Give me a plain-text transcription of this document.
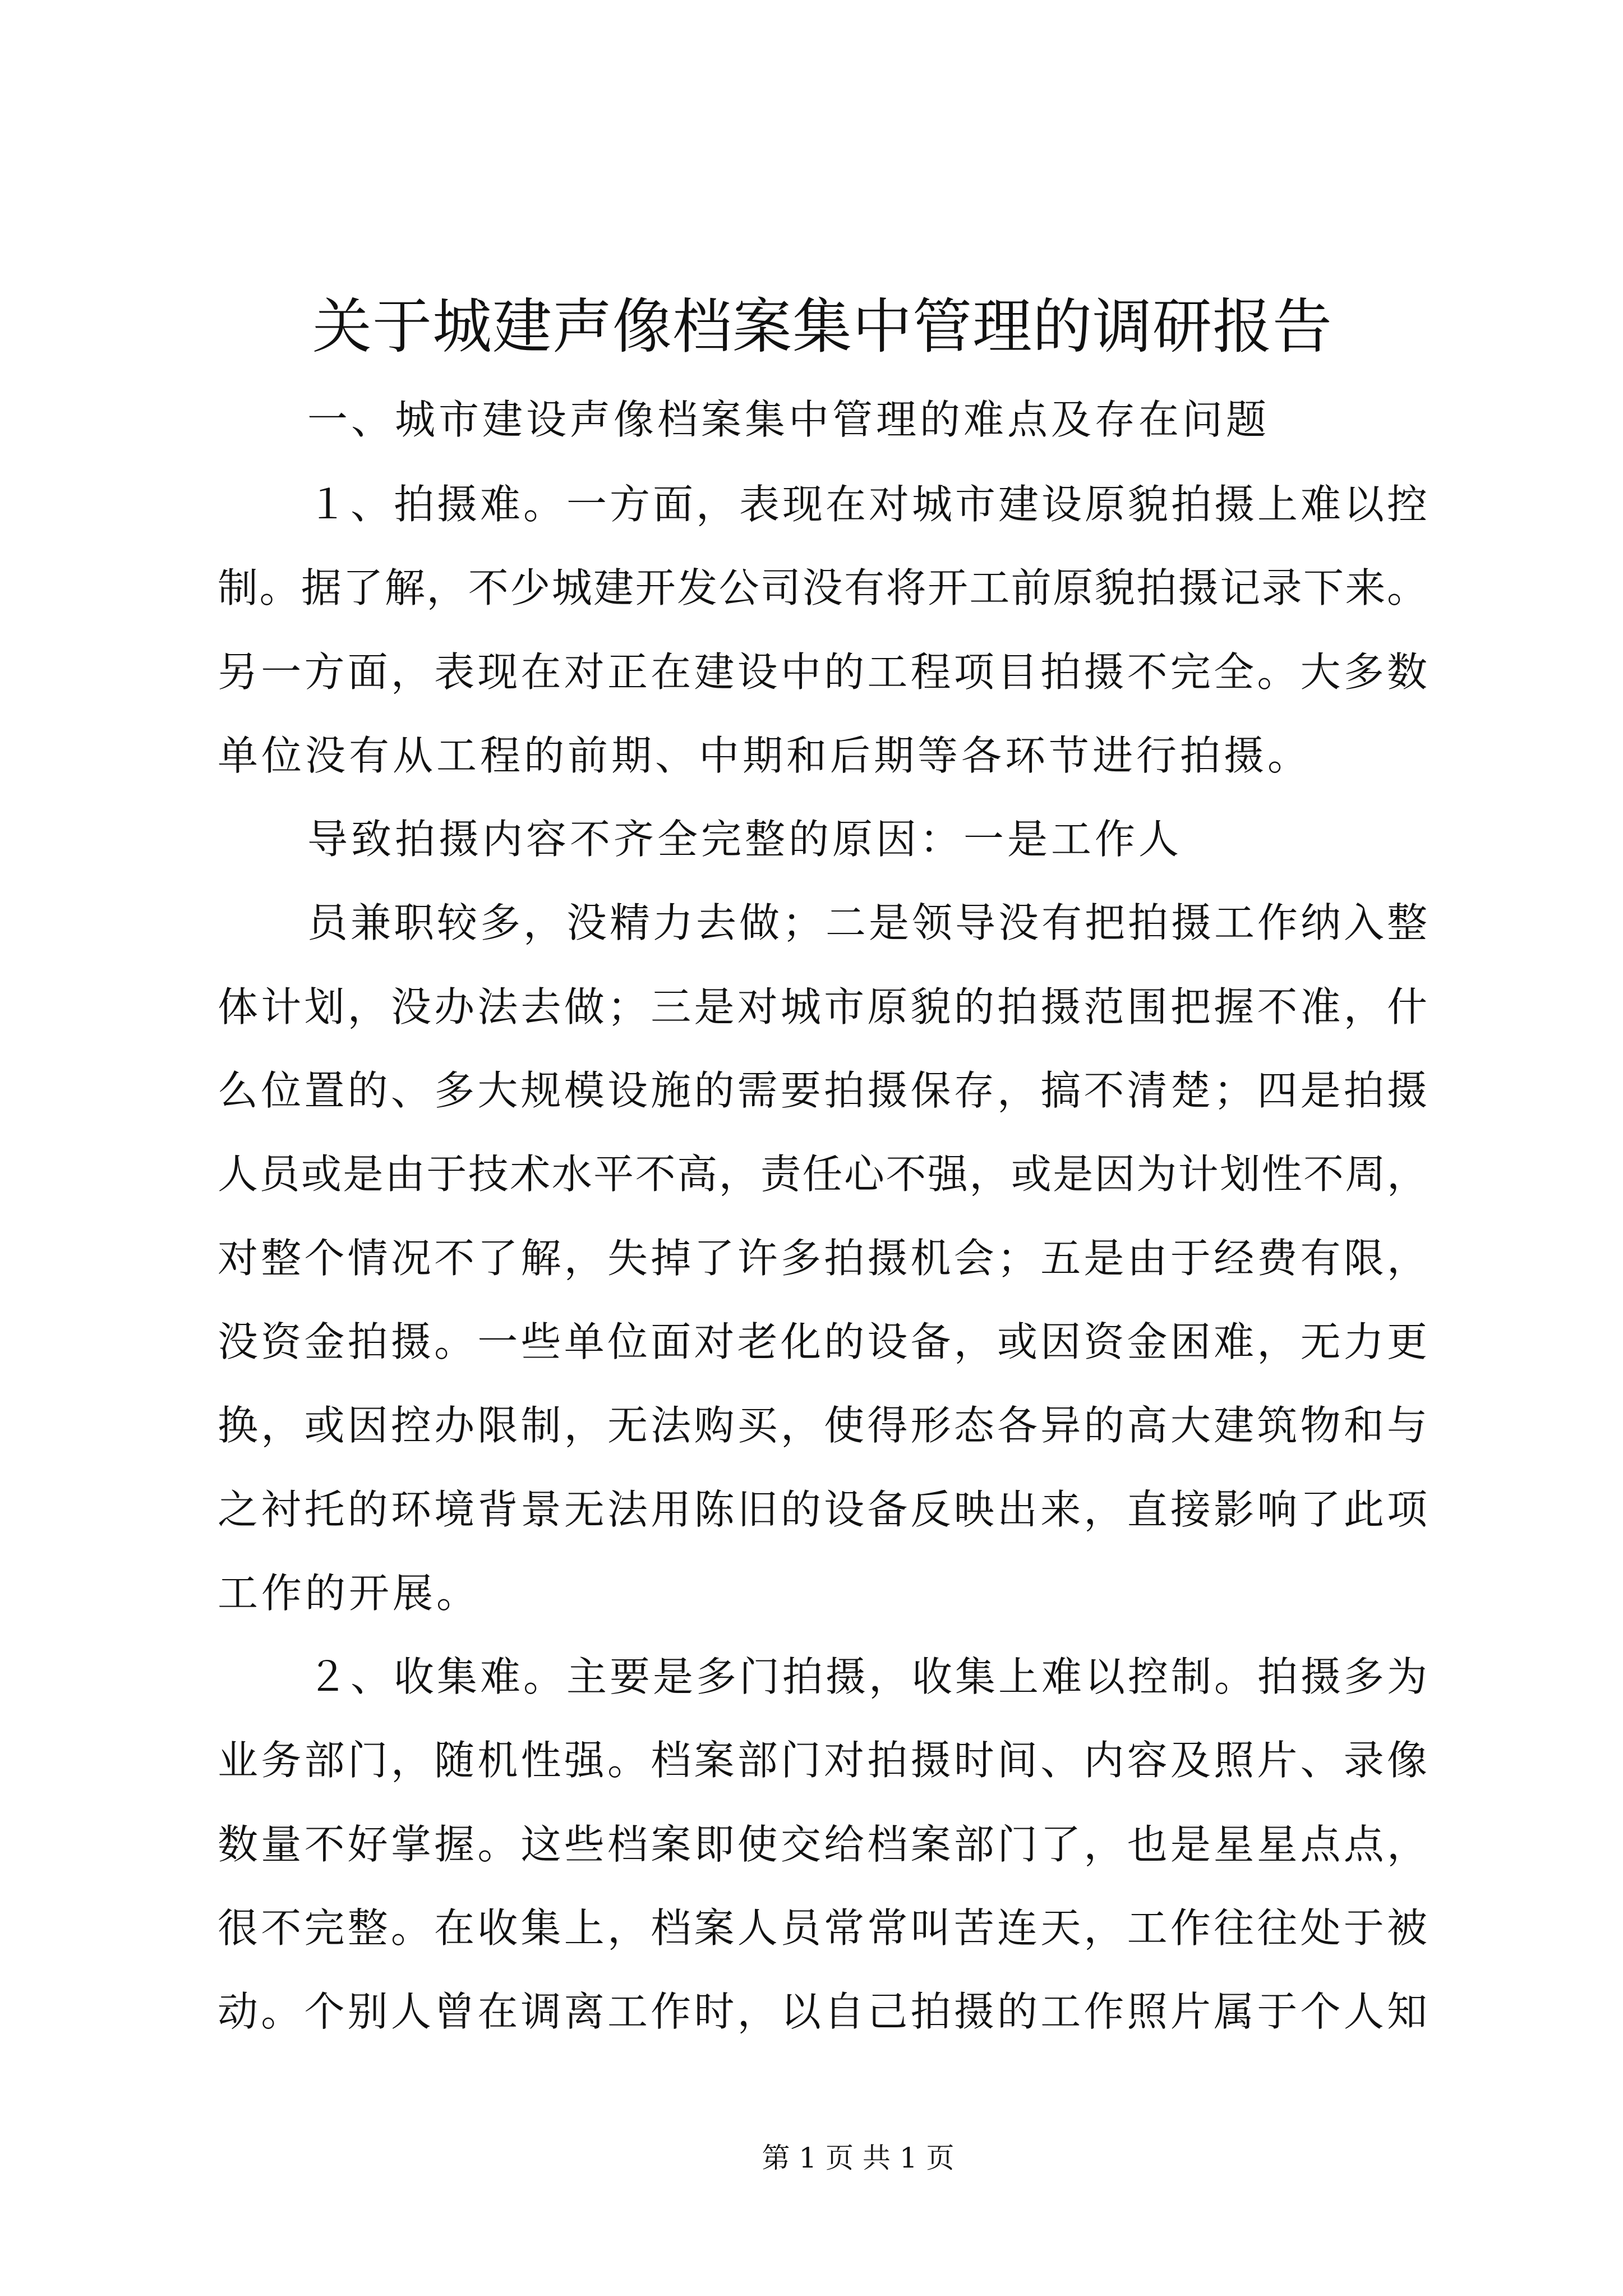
关于城建声像档案集中管理的调研报告
一、城市建设声像档案集中管理的难点及存在问题
１、拍摄难。一方面，表现在对城市建设原貌拍摄上难以控
制。据了解，不少城建开发公司没有将开工前原貌拍摄记录下来。
另一方面，表现在对正在建设中的工程项目拍摄不完全。大多数
单位没有从工程的前期、中期和后期等各环节进行拍摄。
导致拍摄内容不齐全完整的原因：一是工作人
员兼职较多，没精力去做；二是领导没有把拍摄工作纳入整
体计划，没办法去做；三是对城市原貌的拍摄范围把握不准，什
么位置的、多大规模设施的需要拍摄保存，搞不清楚；四是拍摄
人员或是由于技术水平不高，责任心不强，或是因为计划性不周，
对整个情况不了解，失掉了许多拍摄机会；五是由于经费有限，
没资金拍摄。一些单位面对老化的设备，或因资金困难，无力更
换，或因控办限制，无法购买，使得形态各异的高大建筑物和与
之衬托的环境背景无法用陈旧的设备反映出来，直接影响了此项
工作的开展。
２、收集难。主要是多门拍摄，收集上难以控制。拍摄多为
业务部门，随机性强。档案部门对拍摄时间、内容及照片、录像
数量不好掌握。这些档案即使交给档案部门了，也是星星点点，
很不完整。在收集上，档案人员常常叫苦连天，工作往往处于被
动。个别人曾在调离工作时，以自己拍摄的工作照片属于个人知
第 1 页 共 1 页
